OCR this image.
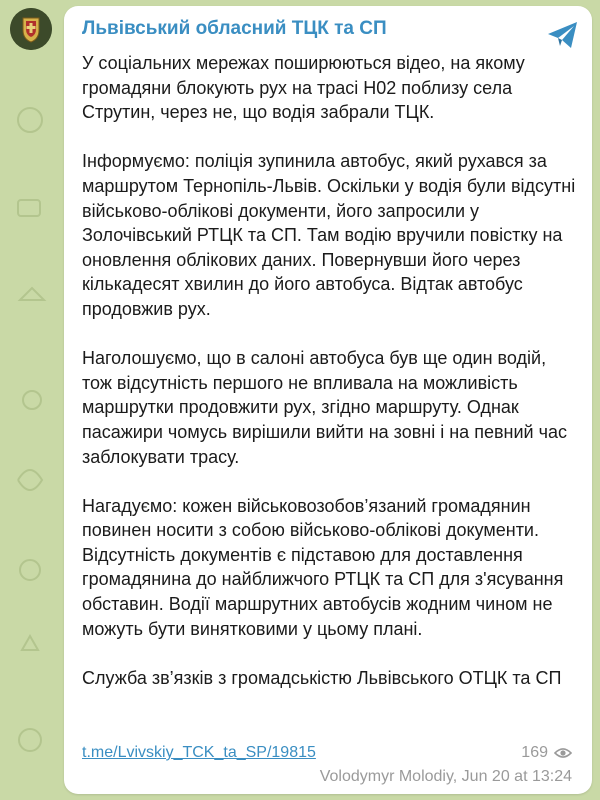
Львівський обласний ТЦК та СП

У соціальних мережах поширюються відео, на якому громадяни блокують рух на трасі Н02 поблизу села Струтин, через не, що водія забрали ТЦК.

Інформуємо: поліція зупинила автобус, який рухався за маршрутом Тернопіль-Львів. Оскільки у водія були відсутні військово-облікові документи, його запросили у Золочівський РТЦК та СП. Там водію вручили повістку на оновлення облікових даних. Повернувши його через кількадесят хвилин до його автобуса. Відтак автобус продовжив рух.

Наголошуємо, що в салоні автобуса був ще один водій, тож відсутність першого не впливала на можливість маршрутки продовжити рух, згідно маршруту. Однак пасажири чомусь вирішили вийти на зовні і на певний час заблокувати трасу.

Нагадуємо: кожен військовозобов’язаний громадянин повинен носити з собою військово-облікові документи. Відсутність документів є підставою для доставлення громадянина до найближчого РТЦК та СП для з'ясування обставин. Водії маршрутних автобусів жодним чином не можуть бути винятковими у цьому плані.

Служба зв’язків з громадськістю Львівського ОТЦК та СП

t.me/Lvivskiy_TCK_ta_SP/19815	169
Volodymyr Molodiy, Jun 20 at 13:24
